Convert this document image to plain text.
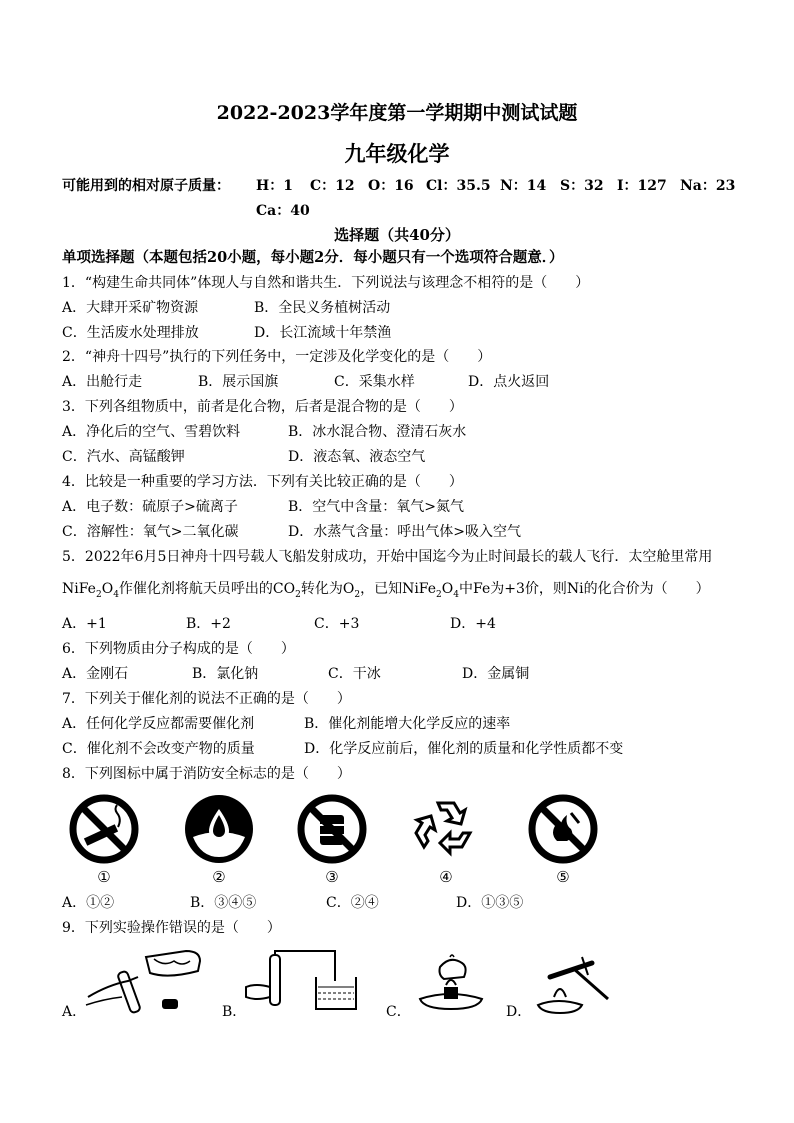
2022-2023学年度第一学期期中测试试题
九年级化学
可能用到的相对原子质量： H：1 C：12 O：16 Cl：35.5 N：14 S：32 I：127 Na：23
Ca：40
选择题（共40分）
单项选择题（本题包括20小题，每小题2分．每小题只有一个选项符合题意．）
1．“构建生命共同体”体现人与自然和谐共生．下列说法与该理念不相符的是（　　）
A．大肆开采矿物资源	B．全民义务植树活动
C．生活废水处理排放	D．长江流域十年禁渔
2．“神舟十四号”执行的下列任务中，一定涉及化学变化的是（　　）
A．出舱行走	B．展示国旗	C．采集水样	D．点火返回
3．下列各组物质中，前者是化合物，后者是混合物的是（　　）
A．净化后的空气、雪碧饮料	B．冰水混合物、澄清石灰水
C．汽水、高锰酸钾	D．液态氧、液态空气
4．比较是一种重要的学习方法．下列有关比较正确的是（　　）
A．电子数：硫原子>硫离子	B．空气中含量：氧气>氮气
C．溶解性：氧气>二氧化碳	D．水蒸气含量：呼出气体>吸入空气
5．2022年6月5日神舟十四号载人飞船发射成功，开始中国迄今为止时间最长的载人飞行．太空舱里常用
$NiFe_2O_4$作催化剂将航天员呼出的$CO_2$转化为$O_2$，已知$NiFe_2O_4$中Fe为+3价，则Ni的化合价为（　　）
A．+1	B．+2	C．+3	D．+4
6．下列物质由分子构成的是（　　）
A．金刚石	B．氯化钠	C．干冰	D．金属铜
7．下列关于催化剂的说法不正确的是（　　）
A．任何化学反应都需要催化剂	B．催化剂能增大化学反应的速率
C．催化剂不会改变产物的质量	D．化学反应前后，催化剂的质量和化学性质都不变
8．下列图标中属于消防安全标志的是（　　）
①	②	③	④	⑤
A．①②	B．③④⑤	C．②④	D．①③⑤
9．下列实验操作错误的是（　　）
A．	B．	C．	D．
